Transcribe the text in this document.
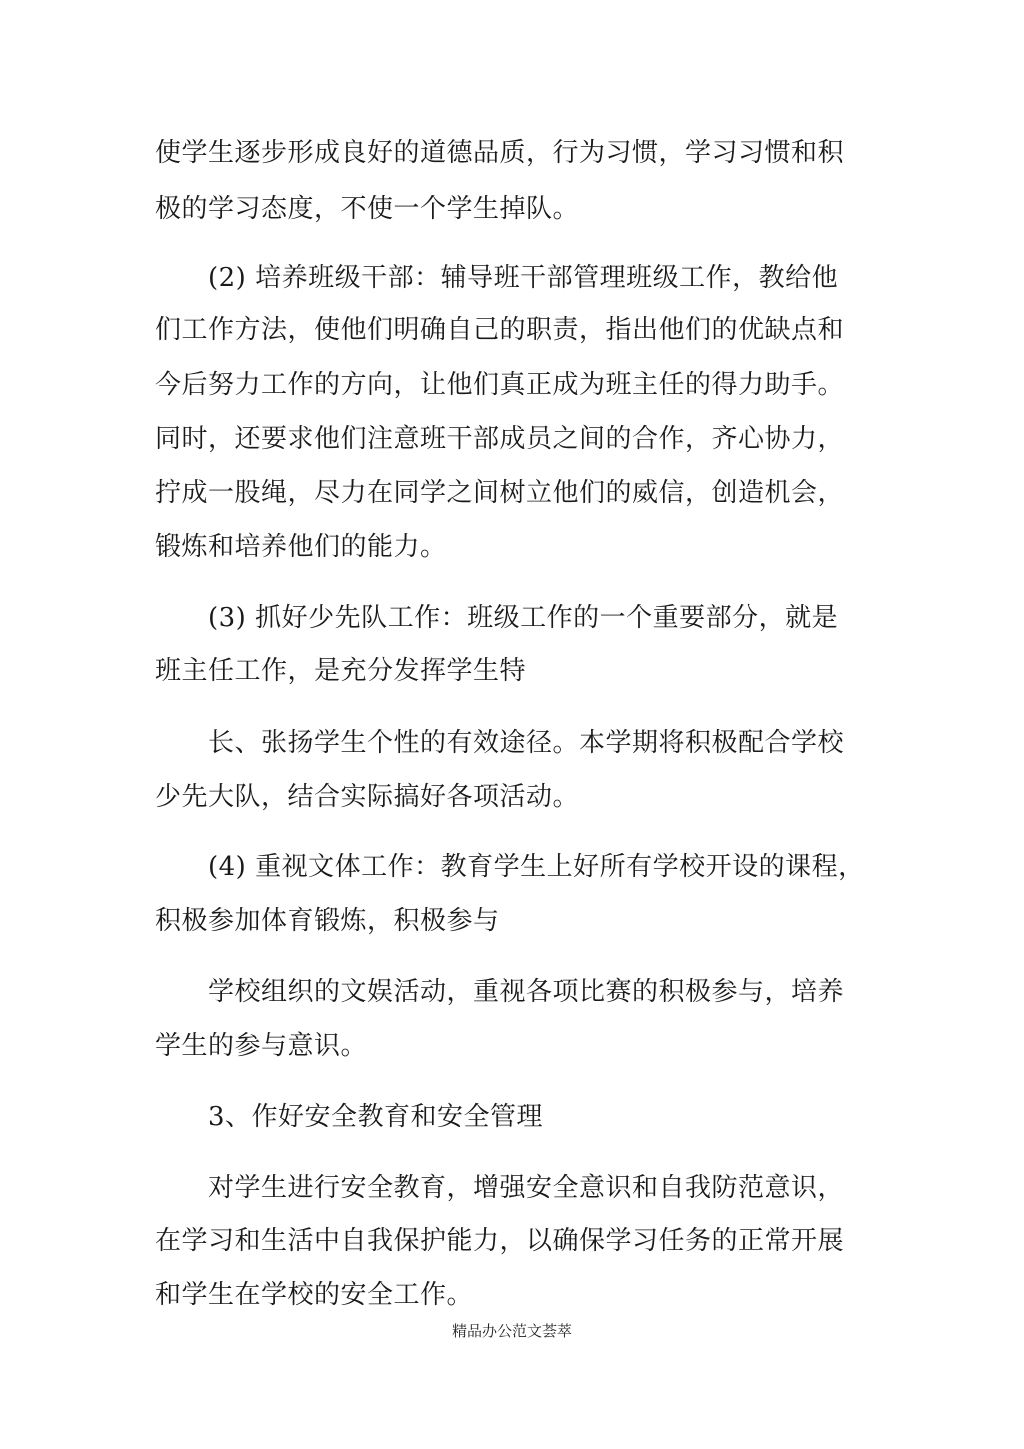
使学生逐步形成良好的道德品质，行为习惯，学习习惯和积
极的学习态度，不使一个学生掉队。
(2) 培养班级干部：辅导班干部管理班级工作，教给他
们工作方法，使他们明确自己的职责，指出他们的优缺点和
今后努力工作的方向，让他们真正成为班主任的得力助手。
同时，还要求他们注意班干部成员之间的合作，齐心协力，
拧成一股绳，尽力在同学之间树立他们的威信，创造机会，
锻炼和培养他们的能力。
(3) 抓好少先队工作：班级工作的一个重要部分，就是
班主任工作，是充分发挥学生特
长、张扬学生个性的有效途径。本学期将积极配合学校
少先大队，结合实际搞好各项活动。
(4) 重视文体工作：教育学生上好所有学校开设的课程，
积极参加体育锻炼，积极参与
学校组织的文娱活动，重视各项比赛的积极参与，培养
学生的参与意识。
3、作好安全教育和安全管理
对学生进行安全教育，增强安全意识和自我防范意识，
在学习和生活中自我保护能力，以确保学习任务的正常开展
和学生在学校的安全工作。
精品办公范文荟萃
